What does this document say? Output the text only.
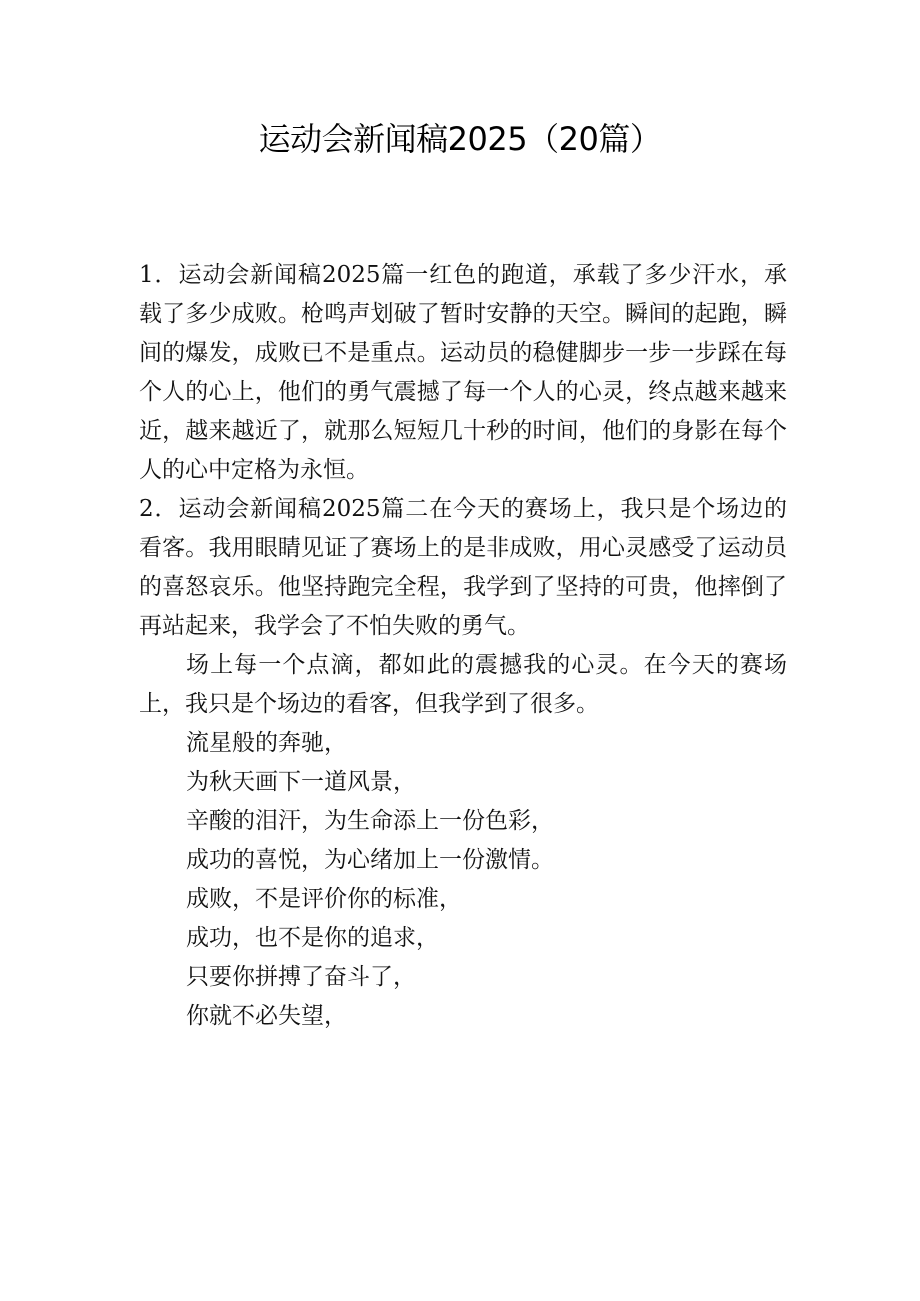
运动会新闻稿2025（20篇）

1．运动会新闻稿2025篇一红色的跑道，承载了多少汗水，承载了多少成败。枪鸣声划破了暂时安静的天空。瞬间的起跑，瞬间的爆发，成败已不是重点。运动员的稳健脚步一步一步踩在每个人的心上，他们的勇气震撼了每一个人的心灵，终点越来越来近，越来越近了，就那么短短几十秒的时间，他们的身影在每个人的心中定格为永恒。

2．运动会新闻稿2025篇二在今天的赛场上，我只是个场边的看客。我用眼睛见证了赛场上的是非成败，用心灵感受了运动员的喜怒哀乐。他坚持跑完全程，我学到了坚持的可贵，他摔倒了再站起来，我学会了不怕失败的勇气。

场上每一个点滴，都如此的震撼我的心灵。在今天的赛场上，我只是个场边的看客，但我学到了很多。

流星般的奔驰，

为秋天画下一道风景，

辛酸的泪汗，为生命添上一份色彩，

成功的喜悦，为心绪加上一份激情。

成败，不是评价你的标准，

成功，也不是你的追求，

只要你拼搏了奋斗了，

你就不必失望，
